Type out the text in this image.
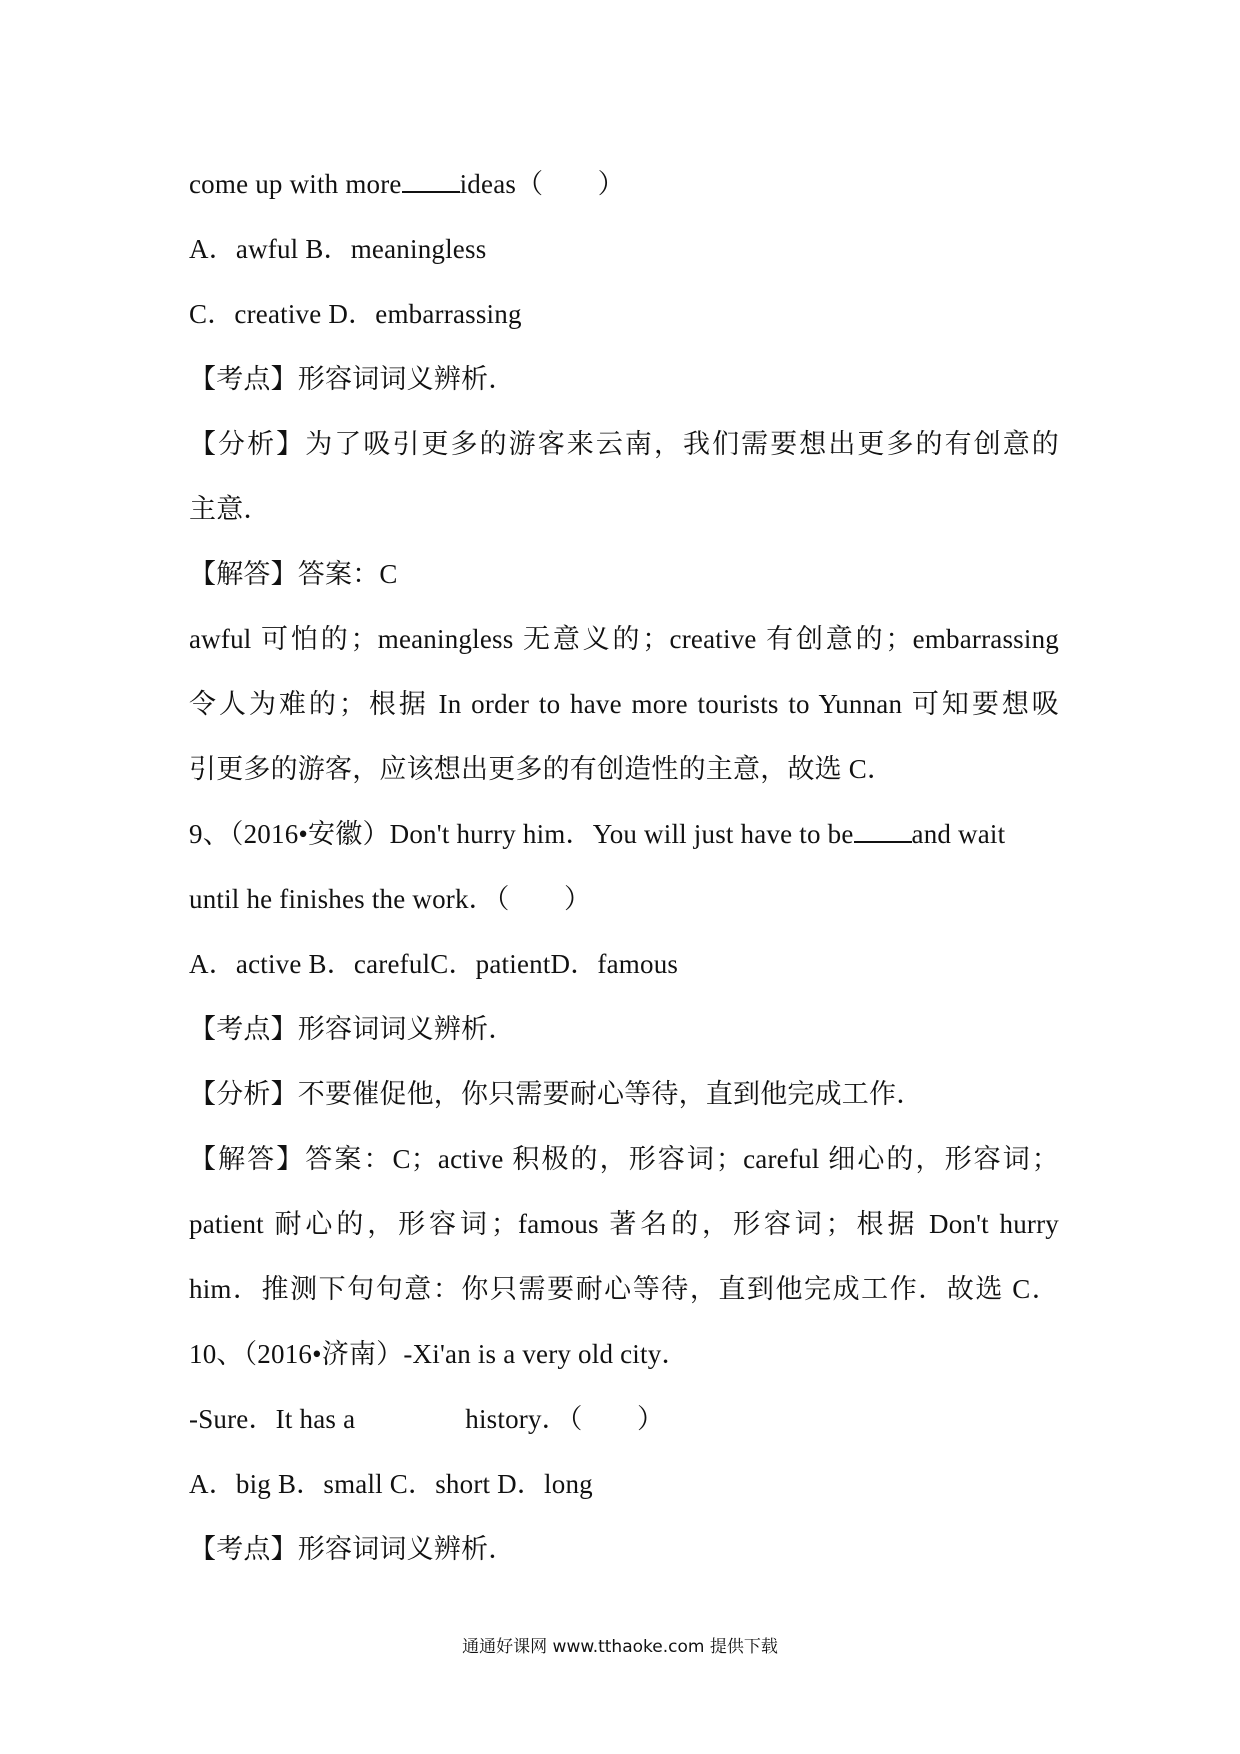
come up with more ideas（　　）
A．awful B．meaningless
C．creative D．embarrassing
【考点】形容词词义辨析．
【分析】为了吸引更多的游客来云南，我们需要想出更多的有创意的
主意．
【解答】答案：C
awful 可怕的；meaningless 无意义的；creative 有创意的；embarrassing
令人为难的；根据 In order to have more tourists to Yunnan 可知要想吸
引更多的游客，应该想出更多的有创造性的主意，故选 C．
9、（2016•安徽）Don't hurry him．You will just have to be and wait
until he finishes the work．（　　）
A．active B．carefulC．patientD．famous
【考点】形容词词义辨析．
【分析】不要催促他，你只需要耐心等待，直到他完成工作．
【解答】答案：C；active 积极的，形容词；careful 细心的，形容词；
patient 耐心的，形容词；famous 著名的，形容词；根据 Don't hurry
him．推测下句句意：你只需要耐心等待，直到他完成工作．故选 C．
10、（2016•济南）-Xi'an is a very old city．
-Sure．It has a	history．（　　）
A．big B．small C．short D．long
【考点】形容词词义辨析．
通通好课网 www.tthaoke.com 提供下载
